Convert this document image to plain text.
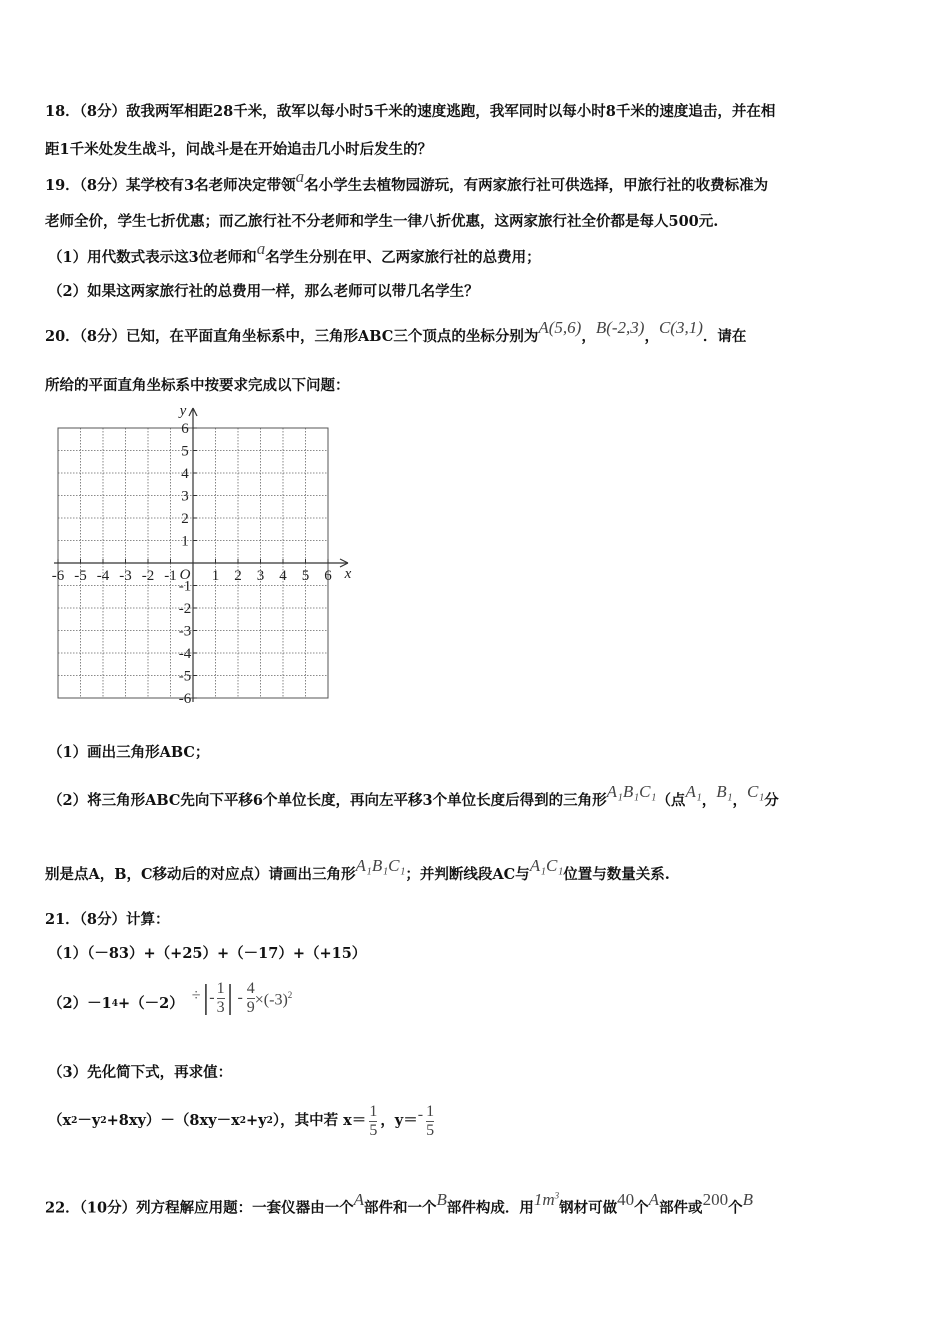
18．（8分）敌我两军相距28千米，敌军以每小时5千米的速度逃跑，我军同时以每小时8千米的速度追击，并在相
距1千米处发生战斗，问战斗是在开始追击几小时后发生的？
19．（8分）某学校有3名老师决定带领a名小学生去植物园游玩，有两家旅行社可供选择，甲旅行社的收费标准为
老师全价，学生七折优惠；而乙旅行社不分老师和学生一律八折优惠，这两家旅行社全价都是每人500元.
（1）用代数式表示这3位老师和a名学生分别在甲、乙两家旅行社的总费用；
（2）如果这两家旅行社的总费用一样，那么老师可以带几名学生？
20．（8分）已知，在平面直角坐标系中，三角形ABC三个顶点的坐标分别为A(5,6)，B(-2,3)，C(3,1)．请在
所给的平面直角坐标系中按要求完成以下问题：
-6 -5 -4 -3 -2 -1 1 2 3 4 5 6
6
5
4
3
2
1
-1
-2
-3
-4
-5
-6
O	x
y
（1）画出三角形ABC；
（2）将三角形ABC先向下平移6个单位长度，再向左平移3个单位长度后得到的三角形A₁B₁C₁（点A₁，B₁，C₁分
别是点A，B，C移动后的对应点）请画出三角形A₁B₁C₁；并判断线段AC与A₁C₁位置与数量关系.
21．（8分）计算：
（1）（－83）+（+25）+（－17）+（+15）
（2）－1 4 +（－2） ÷ | - $\frac{1}{3}$ | - $\frac{4}{9} \times(-3)^2$
（3）先化简下式，再求值：
（x 2 －y 2 +8xy）－（8xy－x 2 +y 2 ），其中若 $x= \frac{1}{5}$ ，$y= - \frac{1}{5}$
22．（10分）列方程解应用题：一套仪器由一个A部件和一个B部件构成．用$1m^3$钢材可做40个A部件或200个B
